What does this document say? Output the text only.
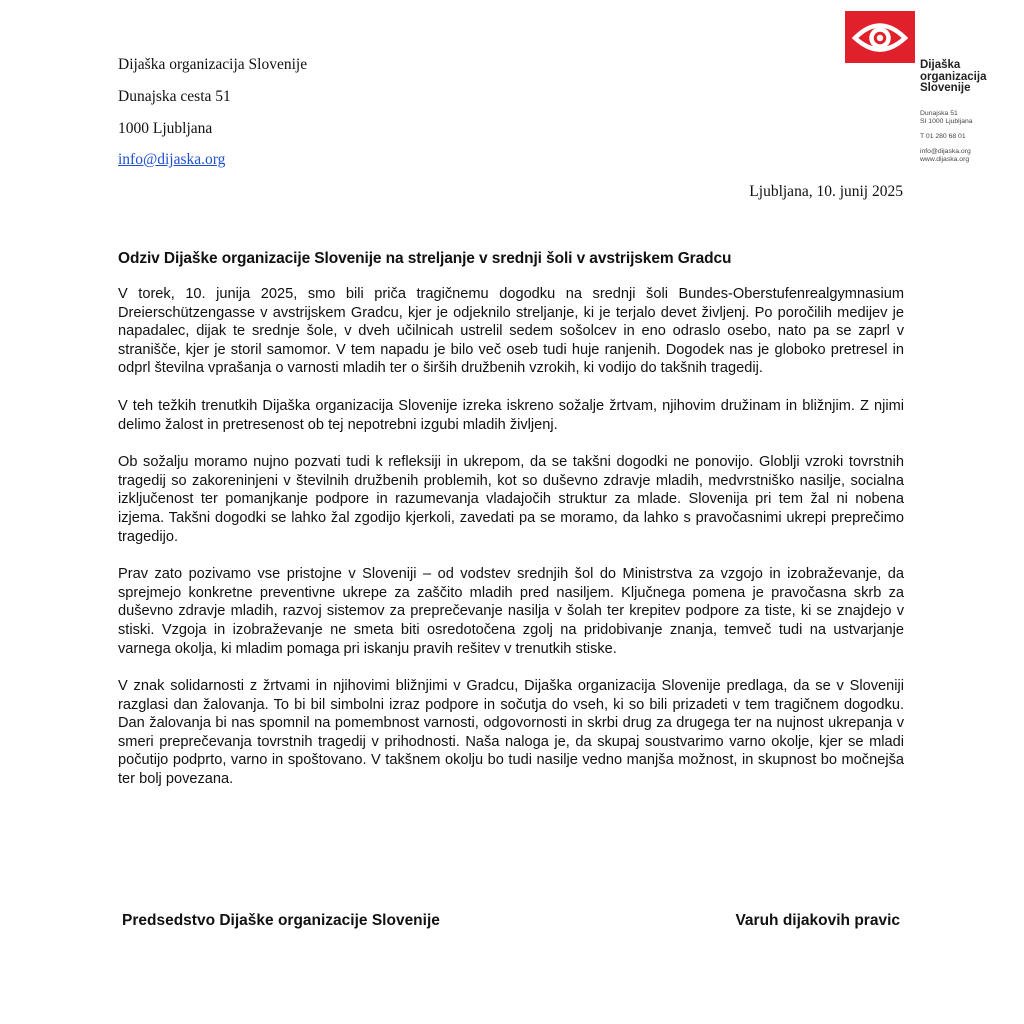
Dijaška organizacija Slovenije
Dunajska cesta 51
1000 Ljubljana
info@dijaska.org
Ljubljana, 10. junij 2025
Dijaška
organizacija
Slovenije
Dunajska 51
SI 1000 Ljubljana
T 01 280 68 01
info@dijaska.org
www.dijaska.org
Odziv Dijaške organizacije Slovenije na streljanje v srednji šoli v avstrijskem Gradcu

V torek, 10. junija 2025, smo bili priča tragičnemu dogodku na srednji šoli Bundes-Oberstufenrealgymnasium Dreierschützengasse v avstrijskem Gradcu, kjer je odjeknilo streljanje, ki je terjalo devet življenj. Po poročilih medijev je napadalec, dijak te srednje šole, v dveh učilnicah ustrelil sedem sošolcev in eno odraslo osebo, nato pa se zaprl v stranišče, kjer je storil samomor. V tem napadu je bilo več oseb tudi huje ranjenih. Dogodek nas je globoko pretresel in odprl številna vprašanja o varnosti mladih ter o širših družbenih vzrokih, ki vodijo do takšnih tragedij.

V teh težkih trenutkih Dijaška organizacija Slovenije izreka iskreno sožalje žrtvam, njihovim družinam in bližnjim. Z njimi delimo žalost in pretresenost ob tej nepotrebni izgubi mladih življenj.

Ob sožalju moramo nujno pozvati tudi k refleksiji in ukrepom, da se takšni dogodki ne ponovijo. Globlji vzroki tovrstnih tragedij so zakoreninjeni v številnih družbenih problemih, kot so duševno zdravje mladih, medvrstniško nasilje, socialna izključenost ter pomanjkanje podpore in razumevanja vladajočih struktur za mlade. Slovenija pri tem žal ni nobena izjema. Takšni dogodki se lahko žal zgodijo kjerkoli, zavedati pa se moramo, da lahko s pravočasnimi ukrepi preprečimo tragedijo.

Prav zato pozivamo vse pristojne v Sloveniji – od vodstev srednjih šol do Ministrstva za vzgojo in izobraževanje, da sprejmejo konkretne preventivne ukrepe za zaščito mladih pred nasiljem. Ključnega pomena je pravočasna skrb za duševno zdravje mladih, razvoj sistemov za preprečevanje nasilja v šolah ter krepitev podpore za tiste, ki se znajdejo v stiski. Vzgoja in izobraževanje ne smeta biti osredotočena zgolj na pridobivanje znanja, temveč tudi na ustvarjanje varnega okolja, ki mladim pomaga pri iskanju pravih rešitev v trenutkih stiske.

V znak solidarnosti z žrtvami in njihovimi bližnjimi v Gradcu, Dijaška organizacija Slovenije predlaga, da se v Sloveniji razglasi dan žalovanja. To bi bil simbolni izraz podpore in sočutja do vseh, ki so bili prizadeti v tem tragičnem dogodku. Dan žalovanja bi nas spomnil na pomembnost varnosti, odgovornosti in skrbi drug za drugega ter na nujnost ukrepanja v smeri preprečevanja tovrstnih tragedij v prihodnosti. Naša naloga je, da skupaj soustvarimo varno okolje, kjer se mladi počutijo podprto, varno in spoštovano. V takšnem okolju bo tudi nasilje vedno manjša možnost, in skupnost bo močnejša ter bolj povezana.

Predsedstvo Dijaške organizacije Slovenije	Varuh dijakovih pravic
